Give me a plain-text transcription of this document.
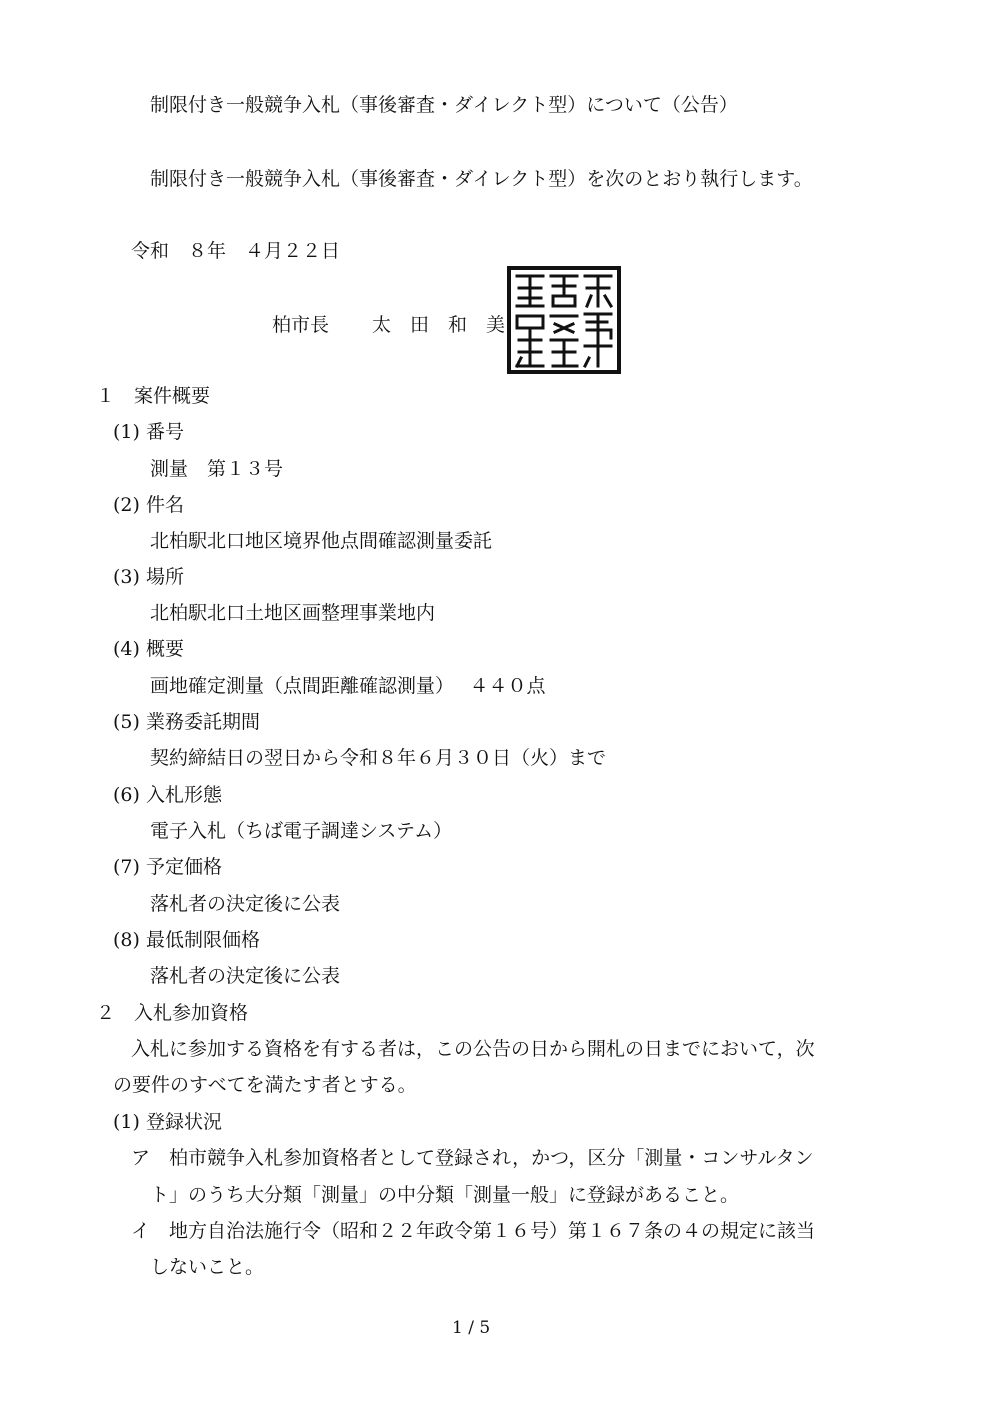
制限付き一般競争入札（事後審査・ダイレクト型）について（公告）
制限付き一般競争入札（事後審査・ダイレクト型）を次のとおり執行します。
令和　８年　４月２２日
柏市長 太　田　和　美
１　案件概要
(1) 番号
測量　第１３号
(2) 件名
北柏駅北口地区境界他点間確認測量委託
(3) 場所
北柏駅北口土地区画整理事業地内
(4) 概要
画地確定測量（点間距離確認測量）　 ４４０点
(5) 業務委託期間
契約締結日の翌日から令和８年６月３０日（火）まで
(6) 入札形態
電子入札（ちば電子調達システム）
(7) 予定価格
落札者の決定後に公表
(8) 最低制限価格
落札者の決定後に公表
２　入札参加資格
入札に参加する資格を有する者は，この公告の日から開札の日までにおいて，次
の要件のすべてを満たす者とする。
(1) 登録状況
ア　柏市競争入札参加資格者として登録され，かつ，区分「測量・コンサルタン
ト」のうち大分類「測量」の中分類「測量一般」に登録があること。
イ　地方自治法施行令（昭和２２年政令第１６号）第１６７条の４の規定に該当
しないこと。
1 / 5
